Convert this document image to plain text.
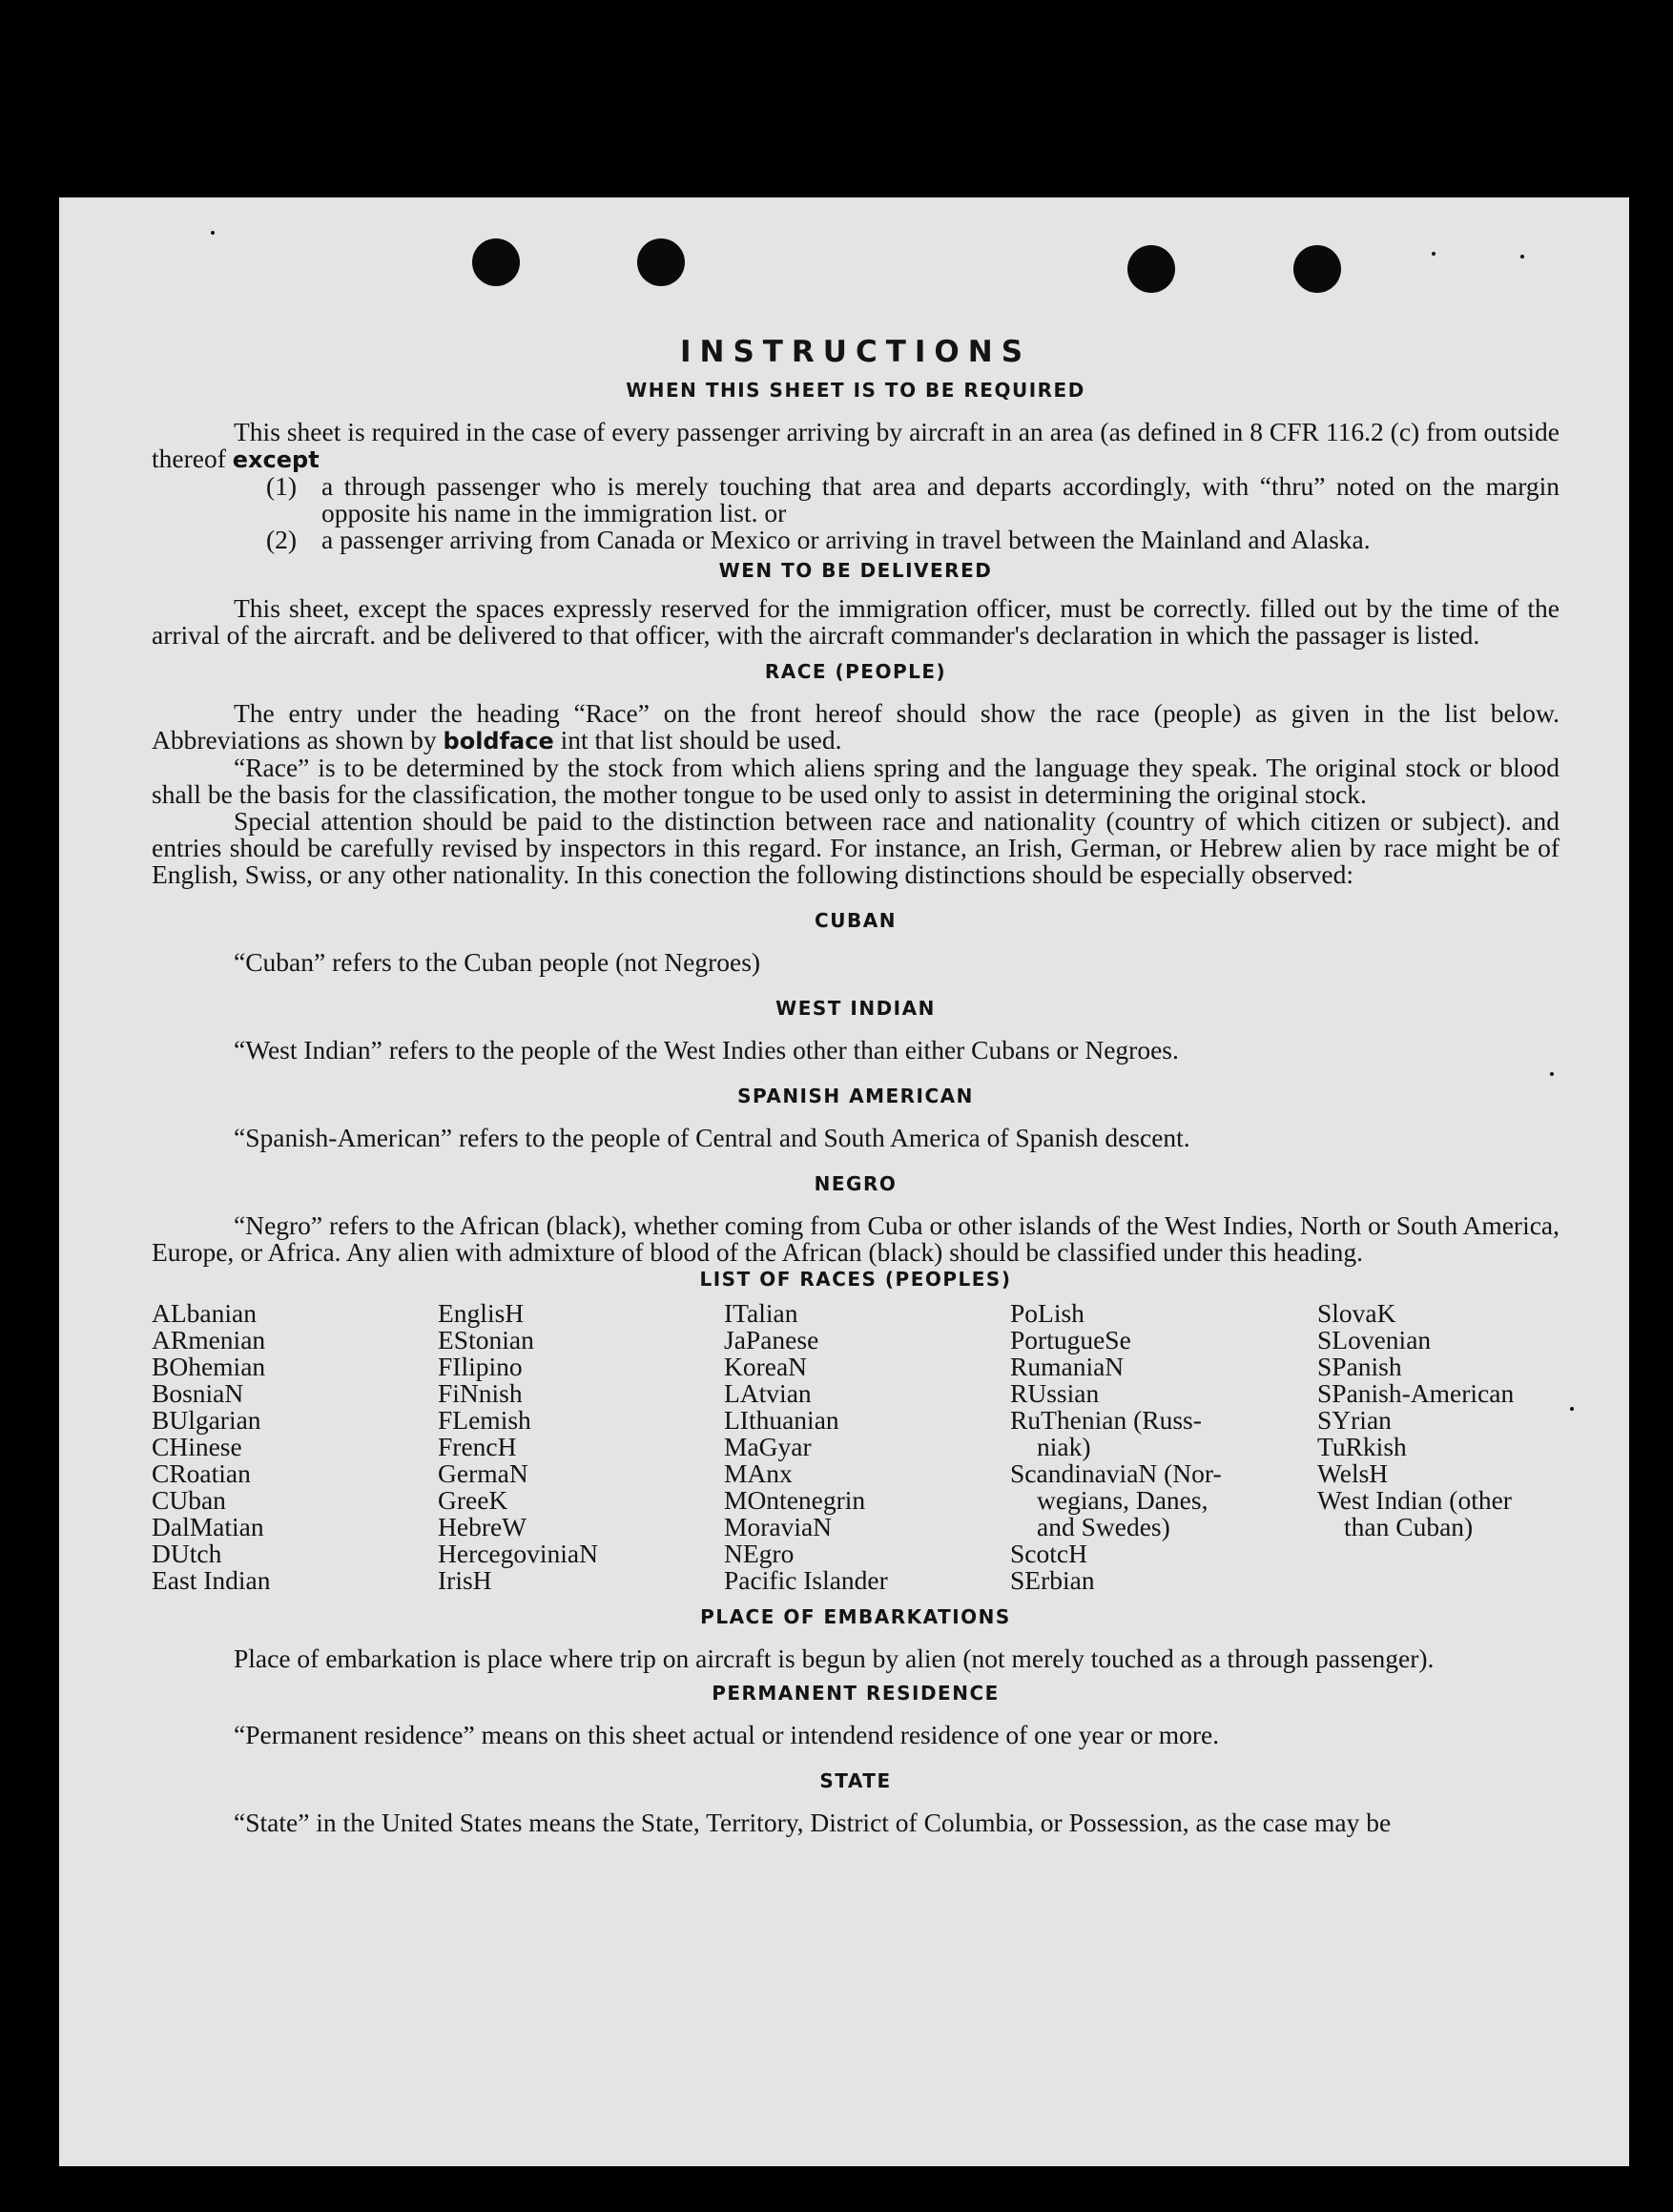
INSTRUCTIONS
WHEN THIS SHEET IS TO BE REQUIRED

This sheet is required in the case of every passenger arriving by aircraft in an area (as defined in 8 CFR 116.2 (c) from outside thereof except

(1) a through passenger who is merely touching that area and departs accordingly, with “thru” noted on the margin opposite his name in the immigration list. or
(2) a passenger arriving from Canada or Mexico or arriving in travel between the Mainland and Alaska.
WEN TO BE DELIVERED

This sheet, except the spaces expressly reserved for the immigration officer, must be correctly. filled out by the time of the arrival of the aircraft. and be delivered to that officer, with the aircraft commander's declaration in which the passager is listed.

RACE (PEOPLE)

The entry under the heading “Race” on the front hereof should show the race (people) as given in the list below. Abbreviations as shown by boldface int that list should be used.

“Race” is to be determined by the stock from which aliens spring and the language they speak. The original stock or blood shall be the basis for the classification, the mother tongue to be used only to assist in determining the original stock.

Special attention should be paid to the distinction between race and nationality (country of which citizen or subject). and entries should be carefully revised by inspectors in this regard. For instance, an Irish, German, or Hebrew alien by race might be of English, Swiss, or any other nationality. In this conection the following distinctions should be especially observed:

CUBAN

“Cuban” refers to the Cuban people (not Negroes)

WEST INDIAN

“West Indian” refers to the people of the West Indies other than either Cubans or Negroes.

SPANISH AMERICAN

“Spanish-American” refers to the people of Central and South America of Spanish descent.

NEGRO

“Negro” refers to the African (black), whether coming from Cuba or other islands of the West Indies, North or South America, Europe, or Africa. Any alien with admixture of blood of the African (black) should be classified under this heading.

LIST OF RACES (PEOPLES)
ALbanian
ARmenian
BOhemian
BosniaN
BUlgarian
CHinese
CRoatian
CUban
DalMatian
DUtch
East Indian
EnglisH
EStonian
FIlipino
FiNnish
FLemish
FrencH
GermaN
GreeK
HebreW
HercegoviniaN
IrisH
ITalian
JaPanese
KoreaN
LAtvian
LIthuanian
MaGyar
MAnx
MOntenegrin
MoraviaN
NEgro
Pacific Islander
PoLish
PortugueSe
RumaniaN
RUssian
RuThenian (Russ-
niak)
ScandinaviaN (Nor-
wegians, Danes,
and Swedes)
ScotcH
SErbian
SlovaK
SLovenian
SPanish
SPanish-American
SYrian
TuRkish
WelsH
West Indian (other
than Cuban)
PLACE OF EMBARKATIONS

Place of embarkation is place where trip on aircraft is begun by alien (not merely touched as a through passenger).

PERMANENT RESIDENCE

“Permanent residence” means on this sheet actual or intendend residence of one year or more.

STATE

“State” in the United States means the State, Territory, District of Columbia, or Possession, as the case may be
